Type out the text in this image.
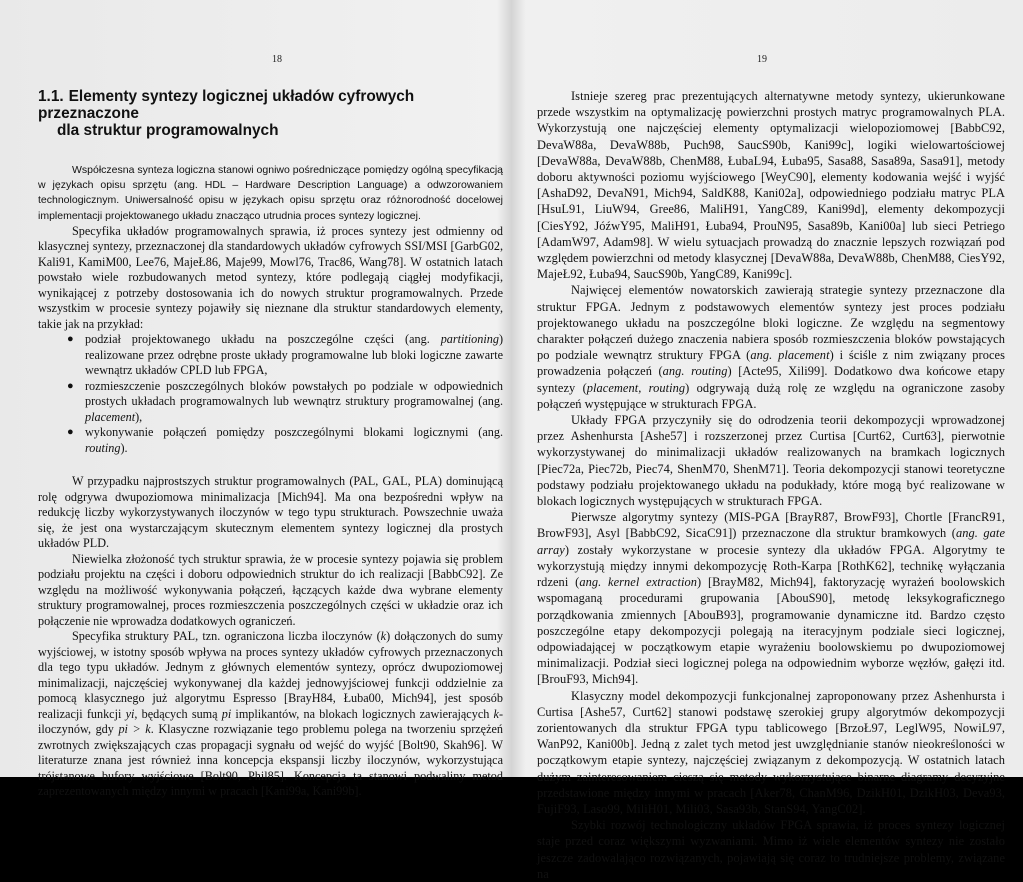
18
1.1. Elementy syntezy logicznej układów cyfrowych przeznaczone
dla struktur programowalnych

Współczesna synteza logiczna stanowi ogniwo pośredniczące pomiędzy ogólną specyfikacją w językach opisu sprzętu (ang. HDL – Hardware Description Language) a odwzorowaniem technologicznym. Uniwersalność opisu w językach opisu sprzętu oraz różnorodność docelowej implementacji projektowanego układu znacząco utrudnia proces syntezy logicznej.

Specyfika układów programowalnych sprawia, iż proces syntezy jest odmienny od klasycznej syntezy, przeznaczonej dla standardowych układów cyfrowych SSI/MSI [GarbG02, Kali91, KamiM00, Lee76, MajeŁ86, Maje99, Mowl76, Trac86, Wang78]. W ostatnich latach powstało wiele rozbudowanych metod syntezy, które podlegają ciągłej modyfikacji, wynikającej z potrzeby dostosowania ich do nowych struktur programowalnych. Przede wszystkim w procesie syntezy pojawiły się nieznane dla struktur standardowych elementy, takie jak na przykład:

● podział projektowanego układu na poszczególne części (ang. partitioning) realizowane przez odrębne proste układy programowalne lub bloki logiczne zawarte wewnątrz układów CPLD lub FPGA,
● rozmieszczenie poszczególnych bloków powstałych po podziale w odpowiednich prostych układach programowalnych lub wewnątrz struktury programowalnej (ang. placement),
● wykonywanie połączeń pomiędzy poszczególnymi blokami logicznymi (ang. routing).

W przypadku najprostszych struktur programowalnych (PAL, GAL, PLA) dominującą rolę odgrywa dwupoziomowa minimalizacja [Mich94]. Ma ona bezpośredni wpływ na redukcję liczby wykorzystywanych iloczynów w tego typu strukturach. Powszechnie uważa się, że jest ona wystarczającym skutecznym elementem syntezy logicznej dla prostych układów PLD.

Niewielka złożoność tych struktur sprawia, że w procesie syntezy pojawia się problem podziału projektu na części i doboru odpowiednich struktur do ich realizacji [BabbC92]. Ze względu na możliwość wykonywania połączeń, łączących każde dwa wybrane elementy struktury programowalnej, proces rozmieszczenia poszczególnych części w układzie oraz ich połączenie nie wprowadza dodatkowych ograniczeń.

Specyfika struktury PAL, tzn. ograniczona liczba iloczynów (k) dołączonych do sumy wyjściowej, w istotny sposób wpływa na proces syntezy układów cyfrowych przeznaczonych dla tego typu układów. Jednym z głównych elementów syntezy, oprócz dwupoziomowej minimalizacji, najczęściej wykonywanej dla każdej jednowyjściowej funkcji oddzielnie za pomocą klasycznego już algorytmu Espresso [BrayH84, Łuba00, Mich94], jest sposób realizacji funkcji yi, będących sumą pi implikantów, na blokach logicznych zawierających k-iloczynów, gdy pi > k. Klasyczne rozwiązanie tego problemu polega na tworzeniu sprzężeń zwrotnych zwiększających czas propagacji sygnału od wejść do wyjść [Bolt90, Skah96]. W literaturze znana jest również inna koncepcja ekspansji liczby iloczynów, wykorzystująca trójstanowe bufory wyjściowe [Bolt90, Phil85]. Koncepcja ta stanowi podwaliny metod zaprezentowanych między innymi w pracach [Kani99a, Kani99b].

19

Istnieje szereg prac prezentujących alternatywne metody syntezy, ukierunkowane przede wszystkim na optymalizację powierzchni prostych matryc programowalnych PLA. Wykorzystują one najczęściej elementy optymalizacji wielopoziomowej [BabbC92, DevaW88a, DevaW88b, Puch98, SaucS90b, Kani99c], logiki wielowartościowej [DevaW88a, DevaW88b, ChenM88, ŁubaL94, Łuba95, Sasa88, Sasa89a, Sasa91], metody doboru aktywności poziomu wyjściowego [WeyC90], elementy kodowania wejść i wyjść [AshaD92, DevaN91, Mich94, SaldK88, Kani02a], odpowiedniego podziału matryc PLA [HsuL91, LiuW94, Gree86, MaliH91, YangC89, Kani99d], elementy dekompozycji [CiesY92, JóźwY95, MaliH91, Łuba94, ProuN95, Sasa89b, Kani00a] lub sieci Petriego [AdamW97, Adam98]. W wielu sytuacjach prowadzą do znacznie lepszych rozwiązań pod względem powierzchni od metody klasycznej [DevaW88a, DevaW88b, ChenM88, CiesY92, MajeŁ92, Łuba94, SaucS90b, YangC89, Kani99c].

Najwięcej elementów nowatorskich zawierają strategie syntezy przeznaczone dla struktur FPGA. Jednym z podstawowych elementów syntezy jest proces podziału projektowanego układu na poszczególne bloki logiczne. Ze względu na segmentowy charakter połączeń dużego znaczenia nabiera sposób rozmieszczenia bloków powstających po podziale wewnątrz struktury FPGA (ang. placement) i ściśle z nim związany proces prowadzenia połączeń (ang. routing) [Acte95, Xili99]. Dodatkowo dwa końcowe etapy syntezy (placement, routing) odgrywają dużą rolę ze względu na ograniczone zasoby połączeń występujące w strukturach FPGA.

Układy FPGA przyczyniły się do odrodzenia teorii dekompozycji wprowadzonej przez Ashenhursta [Ashe57] i rozszerzonej przez Curtisa [Curt62, Curt63], pierwotnie wykorzystywanej do minimalizacji układów realizowanych na bramkach logicznych [Piec72a, Piec72b, Piec74, ShenM70, ShenM71]. Teoria dekompozycji stanowi teoretyczne podstawy podziału projektowanego układu na podukłady, które mogą być realizowane w blokach logicznych występujących w strukturach FPGA.

Pierwsze algorytmy syntezy (MIS-PGA [BrayR87, BrowF93], Chortle [FrancR91, BrowF93], Asyl [BabbC92, SicaC91]) przeznaczone dla struktur bramkowych (ang. gate array) zostały wykorzystane w procesie syntezy dla układów FPGA. Algorytmy te wykorzystują między innymi dekompozycję Roth-Karpa [RothK62], technikę wyłączania rdzeni (ang. kernel extraction) [BrayM82, Mich94], faktoryzację wyrażeń boolowskich wspomaganą procedurami grupowania [AbouS90], metodę leksykograficznego porządkowania zmiennych [AbouB93], programowanie dynamiczne itd. Bardzo często poszczególne etapy dekompozycji polegają na iteracyjnym podziale sieci logicznej, odpowiadającej w początkowym etapie wyrażeniu boolowskiemu po dwupoziomowej minimalizacji. Podział sieci logicznej polega na odpowiednim wyborze węzłów, gałęzi itd. [BrouF93, Mich94].

Klasyczny model dekompozycji funkcjonalnej zaproponowany przez Ashenhursta i Curtisa [Ashe57, Curt62] stanowi podstawę szerokiej grupy algorytmów dekompozycji zorientowanych dla struktur FPGA typu tablicowego [BrzoŁ97, LeglW95, NowiL97, WanP92, Kani00b]. Jedną z zalet tych metod jest uwzględnianie stanów nieokreśloności w początkowym etapie syntezy, najczęściej związanym z dekompozycją. W ostatnich latach dużym zainteresowaniem cieszą się metody wykorzystujące binarne diagramy decyzyjne przedstawione między innymi w pracach [Aker78, ChanM96, DzikH01, DzikH03, Deva93, FujiF93, Laso99, MiliH01, Mili03, Sasa93b, StanS94, YangC02].

Szybki rozwój technologiczny układów FPGA sprawia, iż proces syntezy logicznej staje przed coraz większymi wyzwaniami. Mimo iż wiele elementów syntezy nie zostało jeszcze zadowalająco rozwiązanych, pojawiają się coraz to trudniejsze problemy, związane na
